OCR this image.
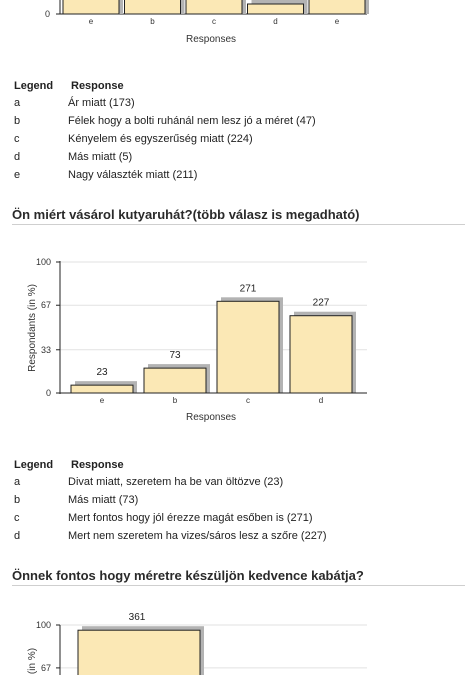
0
e	b	c	d	e
Responses
Legend Response
a	Ár miatt (173)
b	Félek hogy a bolti ruhánál nem lesz jó a méret (47)
c	Kényelem és egyszerűség miatt (224)
d	Más miatt (5)
e	Nagy választék miatt (211)
Ön miért vásárol kutyaruhát?(több válasz is megadható)
0
33
67
100
Respondants (in %)
23
e
73
b
271
c
227
d
Responses
Legend Response
a	Divat miatt, szeretem ha be van öltözve (23)
b	Más miatt (73)
c	Mert fontos hogy jól érezze magát esőben is (271)
d	Mert nem szeretem ha vizes/sáros lesz a szőre (227)
Önnek fontos hogy méretre készüljön kedvence kabátja?
67
100
(in %)
361
